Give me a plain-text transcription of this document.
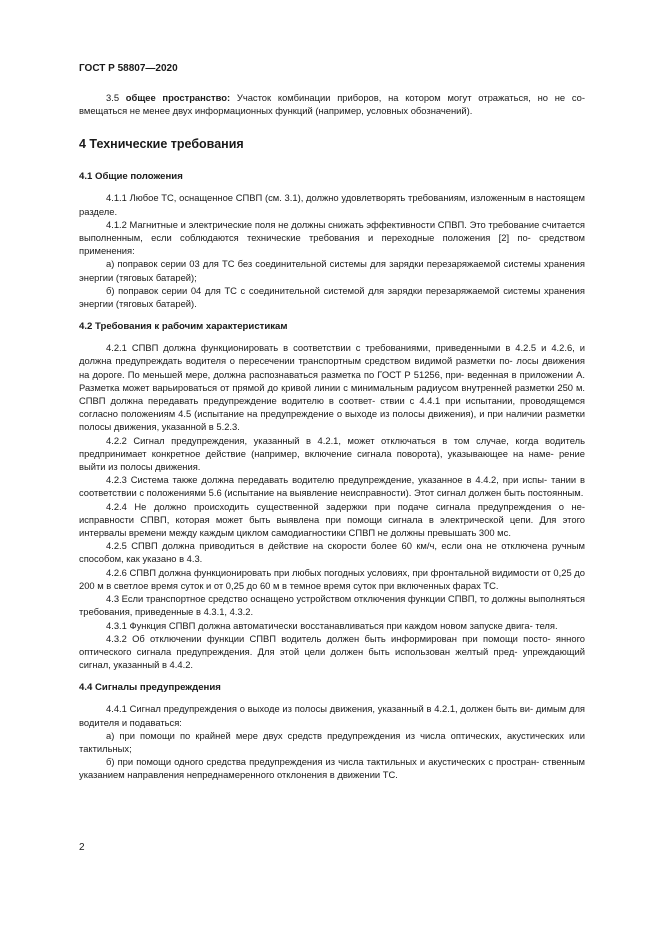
ГОСТ Р 58807—2020

3.5 общее пространство: Участок комбинации приборов, на котором могут отражаться, но не со- вмещаться не менее двух информационных функций (например, условных обозначений).

4 Технические требования
4.1 Общие положения

4.1.1 Любое ТС, оснащенное СПВП (см. 3.1), должно удовлетворять требованиям, изложенным в настоящем разделе.

4.1.2 Магнитные и электрические поля не должны снижать эффективности СПВП. Это требование считается выполненным, если соблюдаются технические требования и переходные положения [2] по- средством применения:

а) поправок серии 03 для ТС без соединительной системы для зарядки перезаряжаемой системы хранения энергии (тяговых батарей);

б) поправок серии 04 для ТС с соединительной системой для зарядки перезаряжаемой системы хранения энергии (тяговых батарей).

4.2 Требования к рабочим характеристикам

4.2.1 СПВП должна функционировать в соответствии с требованиями, приведенными в 4.2.5 и 4.2.6, и должна предупреждать водителя о пересечении транспортным средством видимой разметки по- лосы движения на дороге. По меньшей мере, должна распознаваться разметка по ГОСТ Р 51256, при- веденная в приложении А. Разметка может варьироваться от прямой до кривой линии с минимальным радиусом внутренней разметки 250 м. СПВП должна передавать предупреждение водителю в соответ- ствии с 4.4.1 при испытании, проводящемся согласно положениям 4.5 (испытание на предупреждение о выходе из полосы движения), и при наличии разметки полосы движения, указанной в 5.2.3.

4.2.2 Сигнал предупреждения, указанный в 4.2.1, может отключаться в том случае, когда водитель предпринимает конкретное действие (например, включение сигнала поворота), указывающее на наме- рение выйти из полосы движения.

4.2.3 Система также должна передавать водителю предупреждение, указанное в 4.4.2, при испы- тании в соответствии с положениями 5.6 (испытание на выявление неисправности). Этот сигнал должен быть постоянным.

4.2.4 Не должно происходить существенной задержки при подаче сигнала предупреждения о не- исправности СПВП, которая может быть выявлена при помощи сигнала в электрической цепи. Для этого интервалы времени между каждым циклом самодиагностики СПВП не должны превышать 300 мс.

4.2.5 СПВП должна приводиться в действие на скорости более 60 км/ч, если она не отключена ручным способом, как указано в 4.3.

4.2.6 СПВП должна функционировать при любых погодных условиях, при фронтальной видимости от 0,25 до 200 м в светлое время суток и от 0,25 до 60 м в темное время суток при включенных фарах ТС.

4.3 Если транспортное средство оснащено устройством отключения функции СПВП, то должны выполняться требования, приведенные в 4.3.1, 4.3.2.

4.3.1 Функция СПВП должна автоматически восстанавливаться при каждом новом запуске двига- теля.

4.3.2 Об отключении функции СПВП водитель должен быть информирован при помощи посто- янного оптического сигнала предупреждения. Для этой цели должен быть использован желтый пред- упреждающий сигнал, указанный в 4.4.2.

4.4 Сигналы предупреждения

4.4.1 Сигнал предупреждения о выходе из полосы движения, указанный в 4.2.1, должен быть ви- димым для водителя и подаваться:

а) при помощи по крайней мере двух средств предупреждения из числа оптических, акустических или тактильных;

б) при помощи одного средства предупреждения из числа тактильных и акустических с простран- ственным указанием направления непреднамеренного отклонения в движении ТС.

2
